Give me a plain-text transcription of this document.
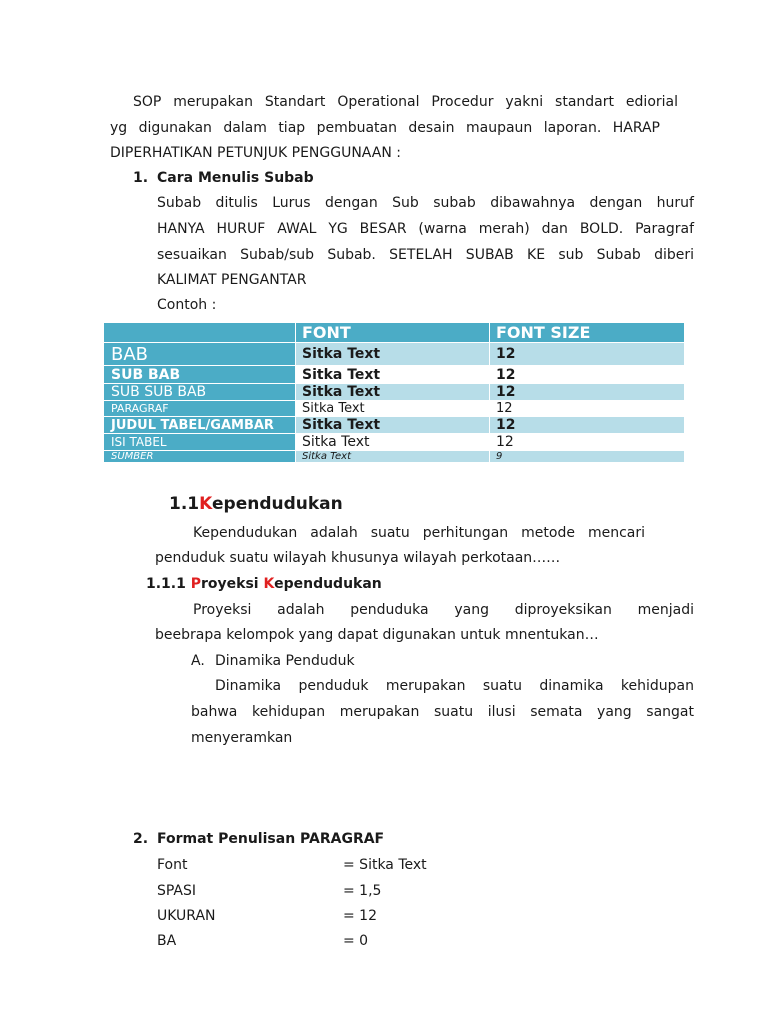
SOP merupakan Standart Operational Procedur yakni standart ediorial
yg digunakan dalam tiap pembuatan desain maupaun laporan. HARAP
DIPERHATIKAN PETUNJUK PENGGUNAAN :
1. Cara Menulis Subab
Subab ditulis Lurus dengan Sub subab dibawahnya dengan huruf
HANYA HURUF AWAL YG BESAR (warna merah) dan BOLD. Paragraf
sesuaikan Subab/sub Subab. SETELAH SUBAB KE sub Subab diberi
KALIMAT PENGANTAR
Contoh :
	FONT	FONT SIZE
BAB	Sitka Text	12
SUB BAB	Sitka Text	12
SUB SUB BAB	Sitka Text	12
PARAGRAF	Sitka Text	12
JUDUL TABEL/GAMBAR	Sitka Text	12
ISI TABEL	Sitka Text	12
SUMBER	Sitka Text	9
1.1Kependudukan
Kependudukan adalah suatu perhitungan metode mencari
penduduk suatu wilayah khusunya wilayah perkotaan……
1.1.1 Proyeksi Kependudukan
Proyeksi adalah penduduka yang diproyeksikan menjadi
beebrapa kelompok yang dapat digunakan untuk mnentukan…
A. Dinamika Penduduk
Dinamika penduduk merupakan suatu dinamika kehidupan
bahwa kehidupan merupakan suatu ilusi semata yang sangat
menyeramkan
2. Format Penulisan PARAGRAF
Font	= Sitka Text
SPASI	= 1,5
UKURAN	= 12
BA	= 0
